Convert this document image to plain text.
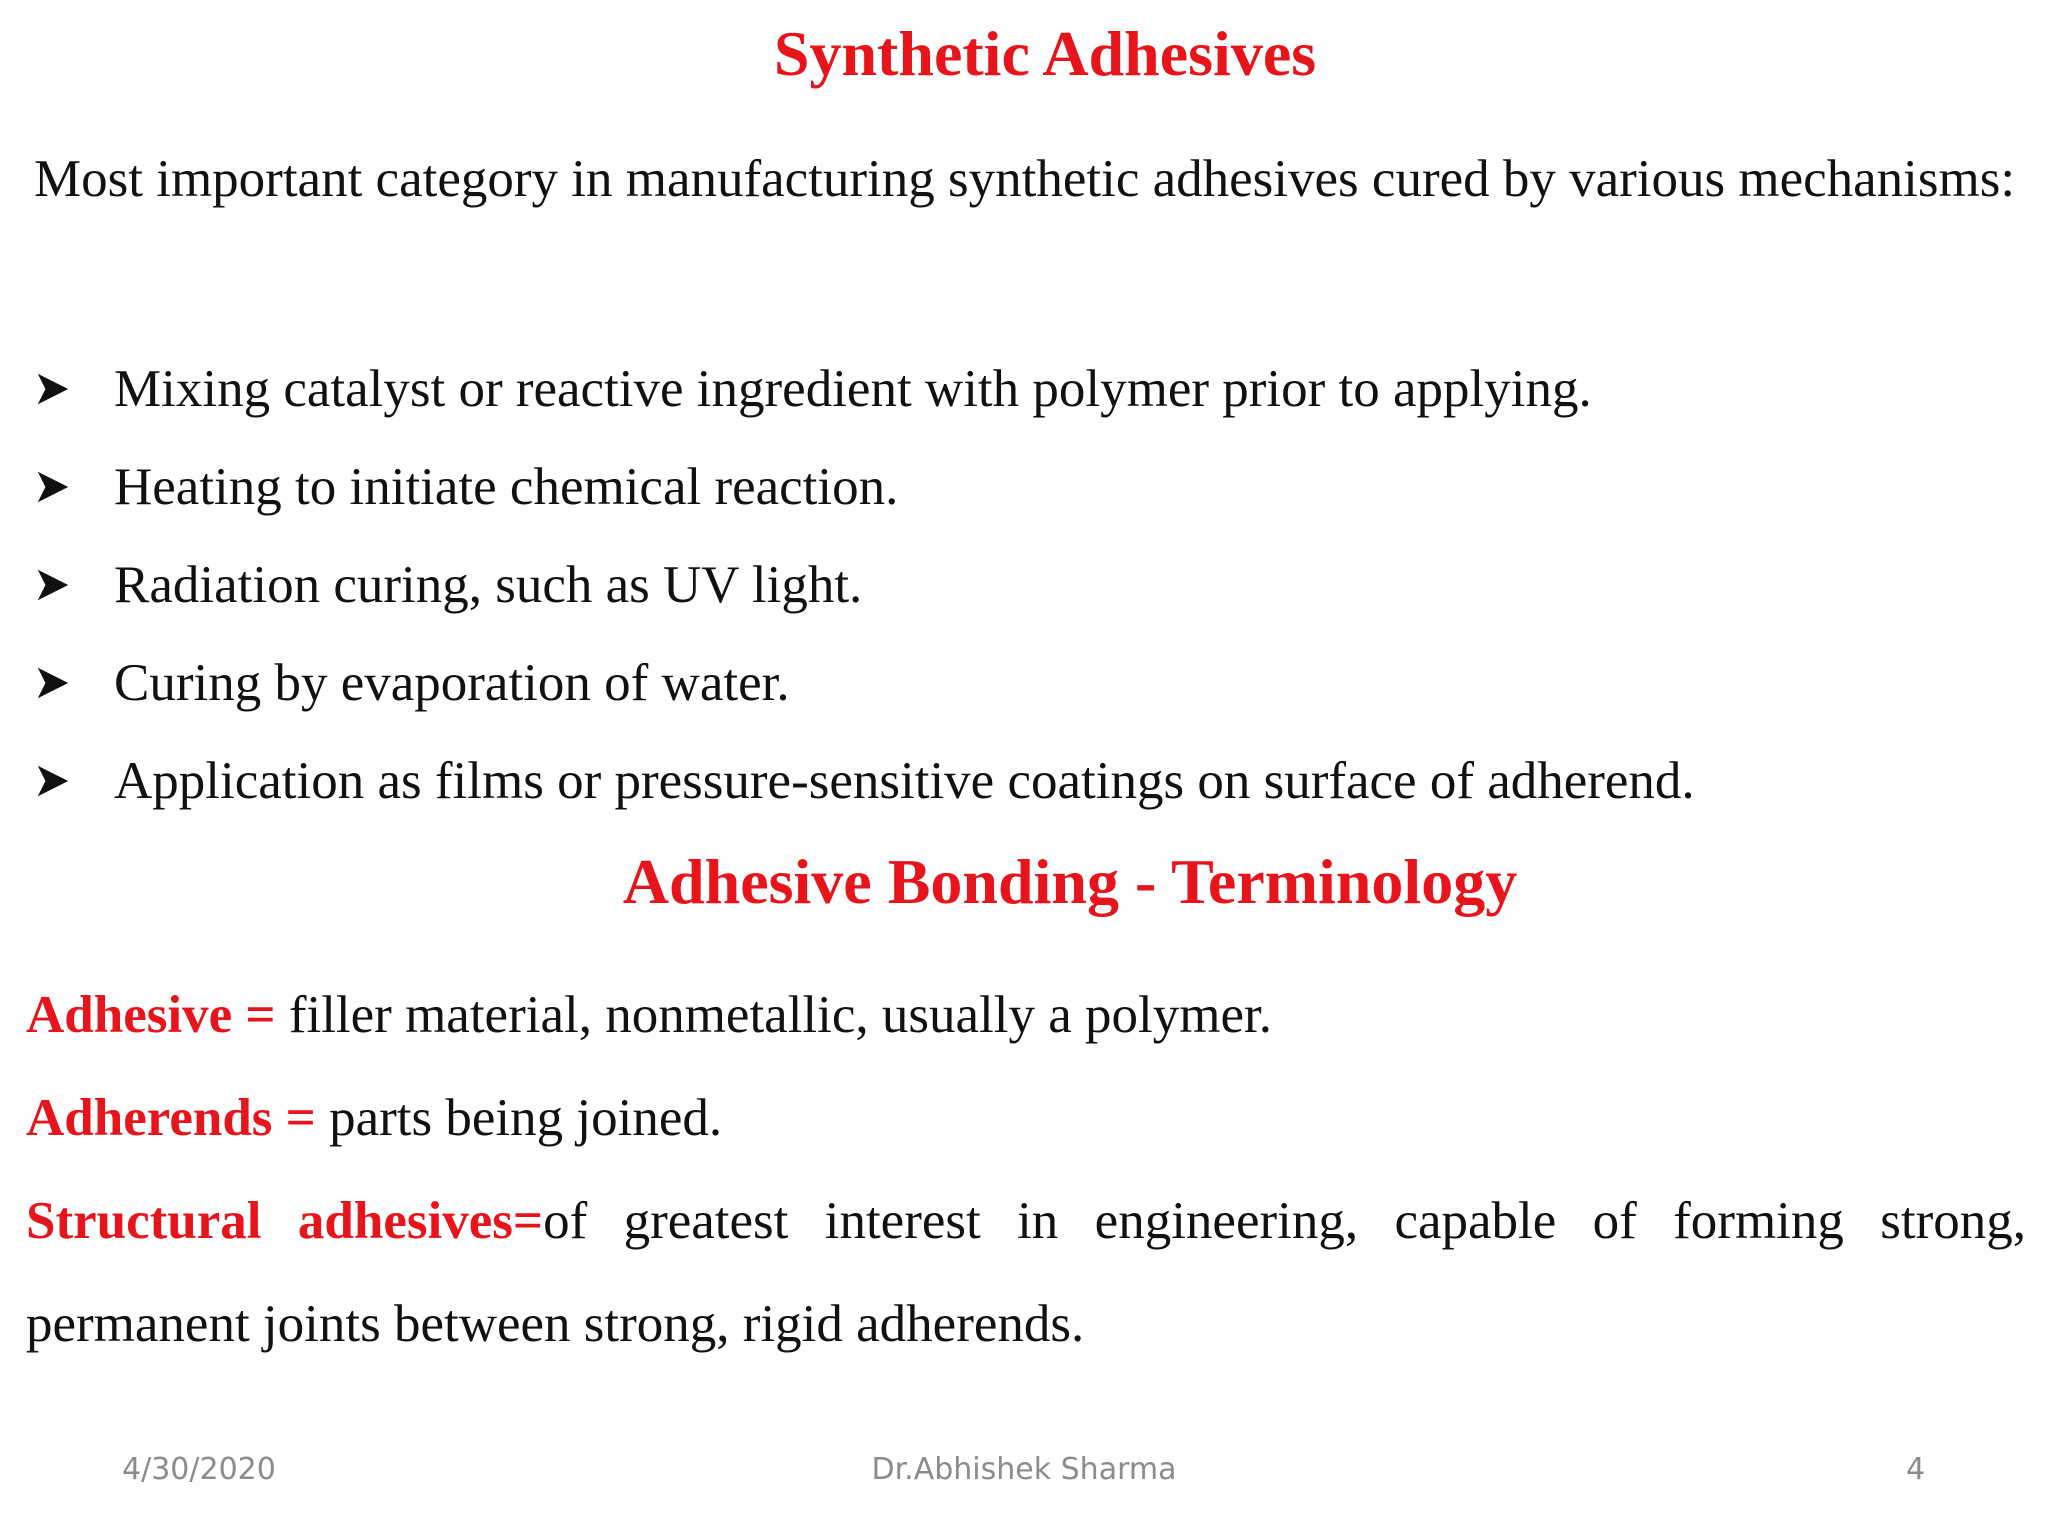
Synthetic Adhesives

Most important category in manufacturing synthetic adhesives cured by various mechanisms:

Mixing catalyst or reactive ingredient with polymer prior to applying.
Heating to initiate chemical reaction.
Radiation curing, such as UV light.
Curing by evaporation of water.
Application as films or pressure-sensitive coatings on surface of adherend.
Adhesive Bonding - Terminology
Adhesive = filler material, nonmetallic, usually a polymer.
Adherends = parts being joined.
Structural adhesives=of greatest interest in engineering, capable of forming strong, permanent joints between strong, rigid adherends.
4/30/2020	Dr.Abhishek Sharma	4
